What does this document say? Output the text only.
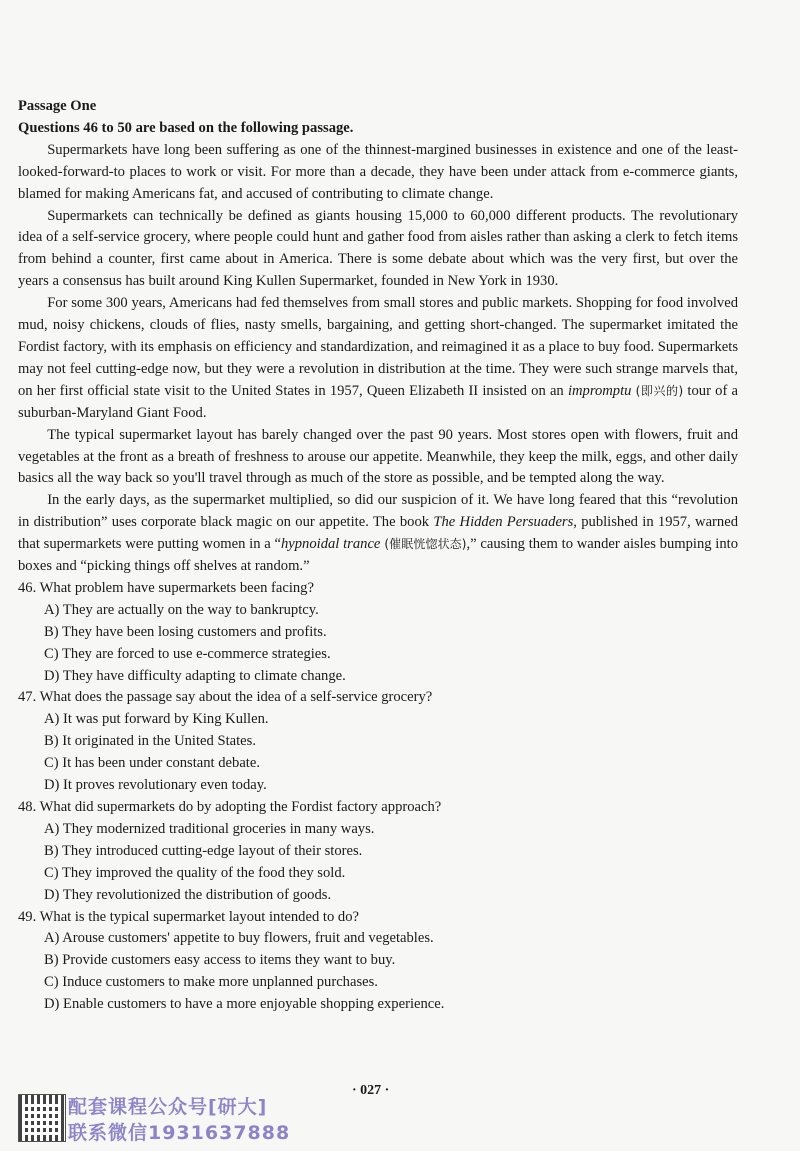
Passage One
Questions 46 to 50 are based on the following passage.

Supermarkets have long been suffering as one of the thinnest-margined businesses in existence and one of the least-looked-forward-to places to work or visit. For more than a decade, they have been under attack from e-commerce giants, blamed for making Americans fat, and accused of contributing to climate change.

Supermarkets can technically be defined as giants housing 15,000 to 60,000 different products. The revolutionary idea of a self-service grocery, where people could hunt and gather food from aisles rather than asking a clerk to fetch items from behind a counter, first came about in America. There is some debate about which was the very first, but over the years a consensus has built around King Kullen Supermarket, founded in New York in 1930.

For some 300 years, Americans had fed themselves from small stores and public markets. Shopping for food involved mud, noisy chickens, clouds of flies, nasty smells, bargaining, and getting short-changed. The supermarket imitated the Fordist factory, with its emphasis on efficiency and standardization, and reimagined it as a place to buy food. Supermarkets may not feel cutting-edge now, but they were a revolution in distribution at the time. They were such strange marvels that, on her first official state visit to the United States in 1957, Queen Elizabeth II insisted on an impromptu (即兴的) tour of a suburban-Maryland Giant Food.

The typical supermarket layout has barely changed over the past 90 years. Most stores open with flowers, fruit and vegetables at the front as a breath of freshness to arouse our appetite. Meanwhile, they keep the milk, eggs, and other daily basics all the way back so you'll travel through as much of the store as possible, and be tempted along the way.

In the early days, as the supermarket multiplied, so did our suspicion of it. We have long feared that this “revolution in distribution” uses corporate black magic on our appetite. The book The Hidden Persuaders, published in 1957, warned that supermarkets were putting women in a “hypnoidal trance (催眠恍惚状态),” causing them to wander aisles bumping into boxes and “picking things off shelves at random.”

46. What problem have supermarkets been facing?

A) They are actually on the way to bankruptcy.

B) They have been losing customers and profits.

C) They are forced to use e-commerce strategies.

D) They have difficulty adapting to climate change.

47. What does the passage say about the idea of a self-service grocery?

A) It was put forward by King Kullen.

B) It originated in the United States.

C) It has been under constant debate.

D) It proves revolutionary even today.

48. What did supermarkets do by adopting the Fordist factory approach?

A) They modernized traditional groceries in many ways.

B) They introduced cutting-edge layout of their stores.

C) They improved the quality of the food they sold.

D) They revolutionized the distribution of goods.

49. What is the typical supermarket layout intended to do?

A) Arouse customers' appetite to buy flowers, fruit and vegetables.

B) Provide customers easy access to items they want to buy.

C) Induce customers to make more unplanned purchases.

D) Enable customers to have a more enjoyable shopping experience.

· 027 ·
配套课程公众号[研大]
联系微信1931637888
